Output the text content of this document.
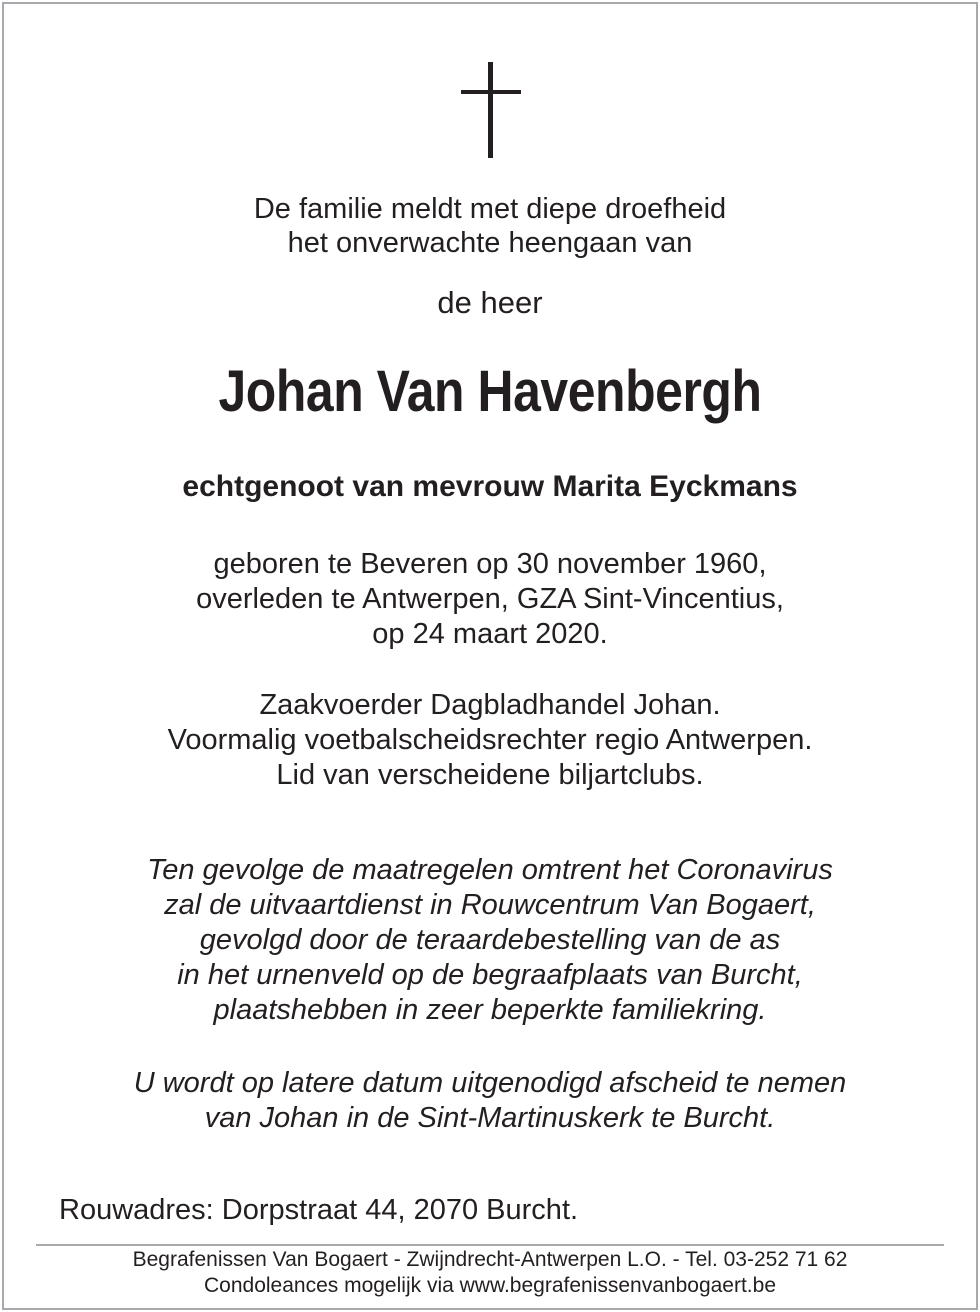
De familie meldt met diepe droefheid
het onverwachte heengaan van
de heer
Johan Van Havenbergh
echtgenoot van mevrouw Marita Eyckmans
geboren te Beveren op 30 november 1960,
overleden te Antwerpen, GZA Sint-Vincentius,
op 24 maart 2020.
Zaakvoerder Dagbladhandel Johan.
Voormalig voetbalscheidsrechter regio Antwerpen.
Lid van verscheidene biljartclubs.
Ten gevolge de maatregelen omtrent het Coronavirus
zal de uitvaartdienst in Rouwcentrum Van Bogaert,
gevolgd door de teraardebestelling van de as
in het urnenveld op de begraafplaats van Burcht,
plaatshebben in zeer beperkte familiekring.
U wordt op latere datum uitgenodigd afscheid te nemen
van Johan in de Sint-Martinuskerk te Burcht.
Rouwadres: Dorpstraat 44, 2070 Burcht.
Begrafenissen Van Bogaert - Zwijndrecht-Antwerpen L.O. - Tel. 03-252 71 62
Condoleances mogelijk via www.begrafenissenvanbogaert.be
